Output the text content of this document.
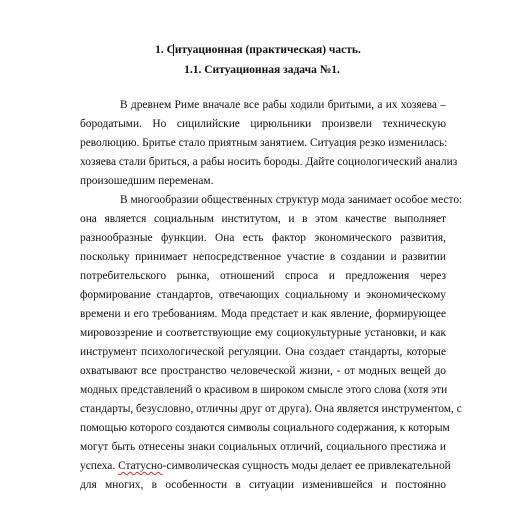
1. Ситуационная (практическая) часть.
1.1. Ситуационная задача №1.
В древнем Риме вначале все рабы ходили бритыми, а их хозяева –
бородатыми. Но сицилийские цирюльники произвели техническую
революцию. Бритье стало приятным занятием. Ситуация резко изменилась:
хозяева стали бриться, а рабы носить бороды. Дайте социологический анализ
произошедшим переменам.
В многообразии общественных структур мода занимает особое место:
она является социальным институтом, и в этом качестве выполняет
разнообразные функции. Она есть фактор экономического развития,
поскольку принимает непосредственное участие в создании и развитии
потребительского рынка, отношений спроса и предложения через
формирование стандартов, отвечающих социальному и экономическому
времени и его требованиям. Мода предстает и как явление, формирующее
мировоззрение и соответствующие ему социокультурные установки, и как
инструмент психологической регуляции. Она создает стандарты, которые
охватывают все пространство человеческой жизни, - от модных вещей до
модных представлений о красивом в широком смысле этого слова (хотя эти
стандарты, безусловно, отличны друг от друга). Она является инструментом, с
помощью которого создаются символы социального содержания, к которым
могут быть отнесены знаки социальных отличий, социального престижа и
успеха. Статусно-символическая сущность моды делает ее привлекательной
для многих, в особенности в ситуации изменившейся и постоянно
